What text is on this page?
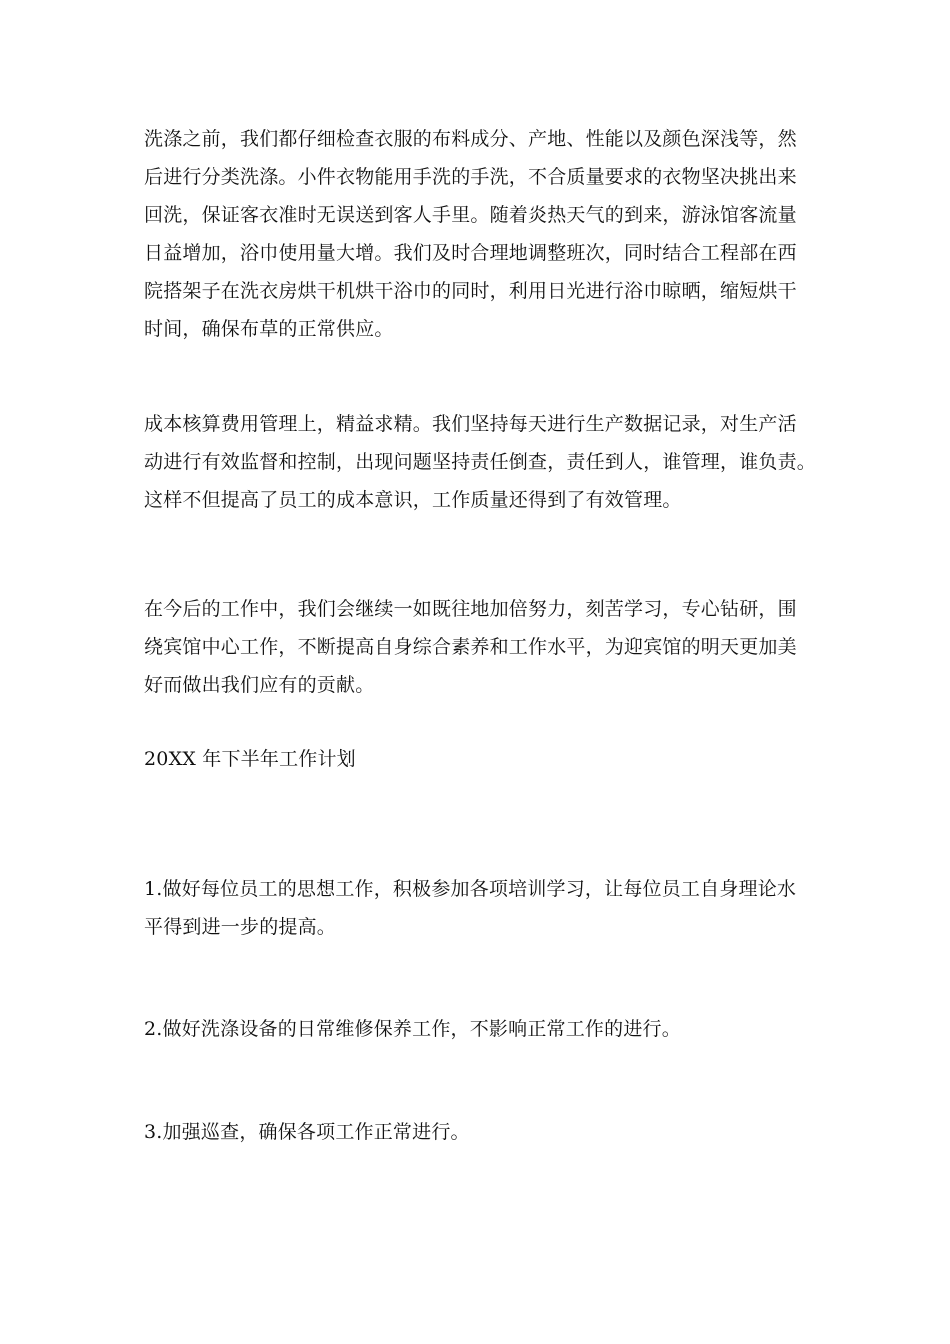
洗涤之前，我们都仔细检查衣服的布料成分、产地、性能以及颜色深浅等，然
后进行分类洗涤。小件衣物能用手洗的手洗，不合质量要求的衣物坚决挑出来
回洗，保证客衣准时无误送到客人手里。随着炎热天气的到来，游泳馆客流量
日益增加，浴巾使用量大增。我们及时合理地调整班次，同时结合工程部在西
院搭架子在洗衣房烘干机烘干浴巾的同时，利用日光进行浴巾晾晒，缩短烘干
时间，确保布草的正常供应。
成本核算费用管理上，精益求精。我们坚持每天进行生产数据记录，对生产活
动进行有效监督和控制，出现问题坚持责任倒查，责任到人，谁管理，谁负责。
这样不但提高了员工的成本意识，工作质量还得到了有效管理。
在今后的工作中，我们会继续一如既往地加倍努力，刻苦学习，专心钻研，围
绕宾馆中心工作，不断提高自身综合素养和工作水平，为迎宾馆的明天更加美
好而做出我们应有的贡献。
20XX 年下半年工作计划
1.做好每位员工的思想工作，积极参加各项培训学习，让每位员工自身理论水
平得到进一步的提高。
2.做好洗涤设备的日常维修保养工作，不影响正常工作的进行。
3.加强巡查，确保各项工作正常进行。
